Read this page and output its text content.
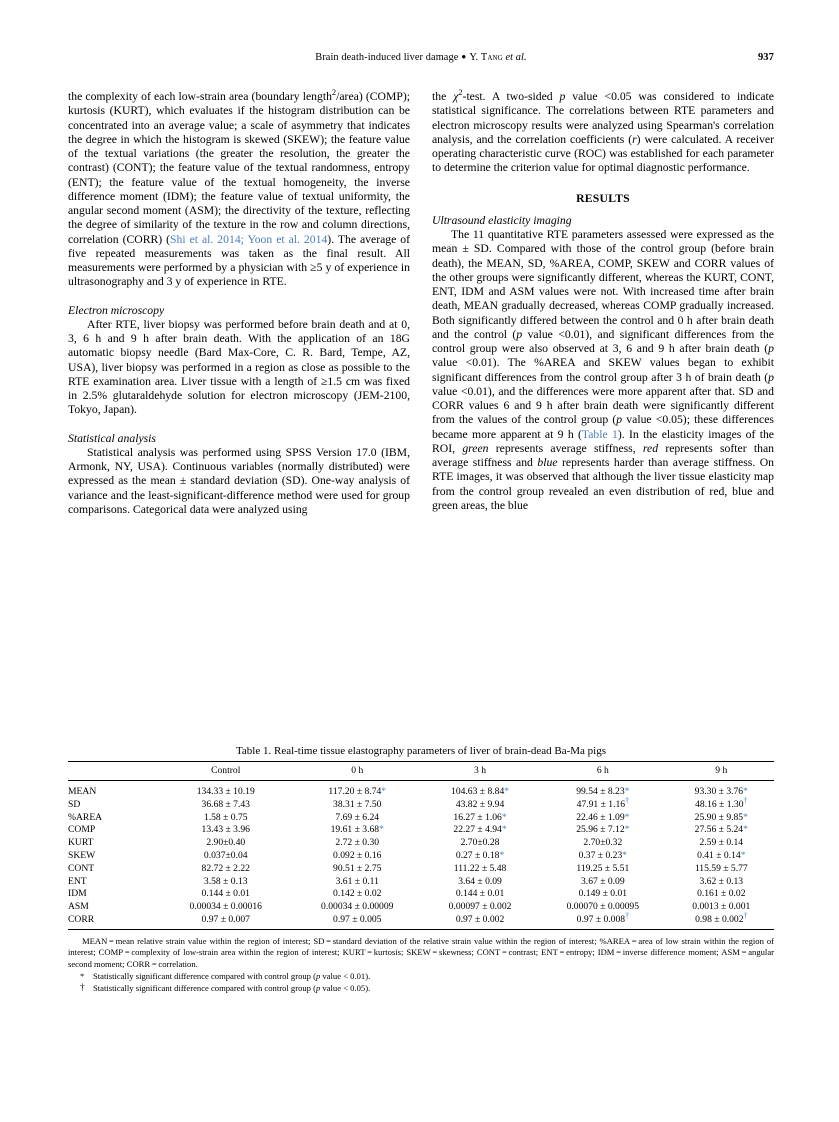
Brain death-induced liver damage ● Y. Tang et al.	937

the complexity of each low-strain area (boundary length$^2$/area) (COMP); kurtosis (KURT), which evaluates if the histogram distribution can be concentrated into an average value; a scale of asymmetry that indicates the degree in which the histogram is skewed (SKEW); the feature value of the textual variations (the greater the resolution, the greater the contrast) (CONT); the feature value of the textual randomness, entropy (ENT); the feature value of the textual homogeneity, the inverse difference moment (IDM); the feature value of textual uniformity, the angular second moment (ASM); the directivity of the texture, reflecting the degree of similarity of the texture in the row and column directions, correlation (CORR) (Shi et al. 2014; Yoon et al. 2014). The average of five repeated measurements was taken as the final result. All measurements were performed by a physician with ≥5 y of experience in ultrasonography and 3 y of experience in RTE.

Electron microscopy

After RTE, liver biopsy was performed before brain death and at 0, 3, 6 h and 9 h after brain death. With the application of an 18G automatic biopsy needle (Bard Max-Core, C. R. Bard, Tempe, AZ, USA), liver biopsy was performed in a region as close as possible to the RTE examination area. Liver tissue with a length of ≥1.5 cm was fixed in 2.5% glutaraldehyde solution for electron microscopy (JEM-2100, Tokyo, Japan).

Statistical analysis

Statistical analysis was performed using SPSS Version 17.0 (IBM, Armonk, NY, USA). Continuous variables (normally distributed) were expressed as the mean ± standard deviation (SD). One-way analysis of variance and the least-significant-difference method were used for group comparisons. Categorical data were analyzed using

the $\chi^2$-test. A two-sided p value <0.05 was considered to indicate statistical significance. The correlations between RTE parameters and electron microscopy results were analyzed using Spearman's correlation analysis, and the correlation coefficients (r) were calculated. A receiver operating characteristic curve (ROC) was established for each parameter to determine the criterion value for optimal diagnostic performance.

RESULTS

Ultrasound elasticity imaging

The 11 quantitative RTE parameters assessed were expressed as the mean ± SD. Compared with those of the control group (before brain death), the MEAN, SD, %AREA, COMP, SKEW and CORR values of the other groups were significantly different, whereas the KURT, CONT, ENT, IDM and ASM values were not. With increased time after brain death, MEAN gradually decreased, whereas COMP gradually increased. Both significantly differed between the control and 0 h after brain death and the control (p value <0.01), and significant differences from the control group were also observed at 3, 6 and 9 h after brain death (p value <0.01). The %AREA and SKEW values began to exhibit significant differences from the control group after 3 h of brain death (p value <0.01), and the differences were more apparent after that. SD and CORR values 6 and 9 h after brain death were significantly different from the values of the control group (p value <0.05); these differences became more apparent at 9 h (Table 1). In the elasticity images of the ROI, green represents average stiffness, red represents softer than average stiffness and blue represents harder than average stiffness. On RTE images, it was observed that although the liver tissue elasticity map from the control group revealed an even distribution of red, blue and green areas, the blue

Table 1. Real-time tissue elastography parameters of liver of brain-dead Ba-Ma pigs
	Control	0 h	3 h	6 h	9 h
MEAN	134.33 ± 10.19	117.20 ± 8.74*	104.63 ± 8.84*	99.54 ± 8.23*	93.30 ± 3.76*
SD	36.68 ± 7.43	38.31 ± 7.50	43.82 ± 9.94	47.91 ± 1.16†	48.16 ± 1.30†
%AREA	1.58 ± 0.75	7.69 ± 6.24	16.27 ± 1.06*	22.46 ± 1.09*	25.90 ± 9.85*
COMP	13.43 ± 3.96	19.61 ± 3.68*	22.27 ± 4.94*	25.96 ± 7.12*	27.56 ± 5.24*
KURT	2.90±0.40	2.72 ± 0.30	2.70±0.28	2.70±0.32	2.59 ± 0.14
SKEW	0.037±0.04	0.092 ± 0.16	0.27 ± 0.18*	0.37 ± 0.23*	0.41 ± 0.14*
CONT	82.72 ± 2.22	90.51 ± 2.75	111.22 ± 5.48	119.25 ± 5.51	115.59 ± 5.77
ENT	3.58 ± 0.13	3.61 ± 0.11	3.64 ± 0.09	3.67 ± 0.09	3.62 ± 0.13
IDM	0.144 ± 0.01	0.142 ± 0.02	0.144 ± 0.01	0.149 ± 0.01	0.161 ± 0.02
ASM	0.00034 ± 0.00016	0.00034 ± 0.00009	0.00097 ± 0.002	0.00070 ± 0.00095	0.0013 ± 0.001
CORR	0.97 ± 0.007	0.97 ± 0.005	0.97 ± 0.002	0.97 ± 0.008†	0.98 ± 0.002†
MEAN = mean relative strain value within the region of interest; SD = standard deviation of the relative strain value within the region of interest; %AREA = area of low strain within the region of interest; COMP = complexity of low-strain area within the region of interest; KURT = kurtosis; SKEW = skewness; CONT = contrast; ENT = entropy; IDM = inverse difference moment; ASM = angular second moment; CORR = correlation.
*	Statistically significant difference compared with control group (p value < 0.01).
† Statistically significant difference compared with control group (p value < 0.05).
